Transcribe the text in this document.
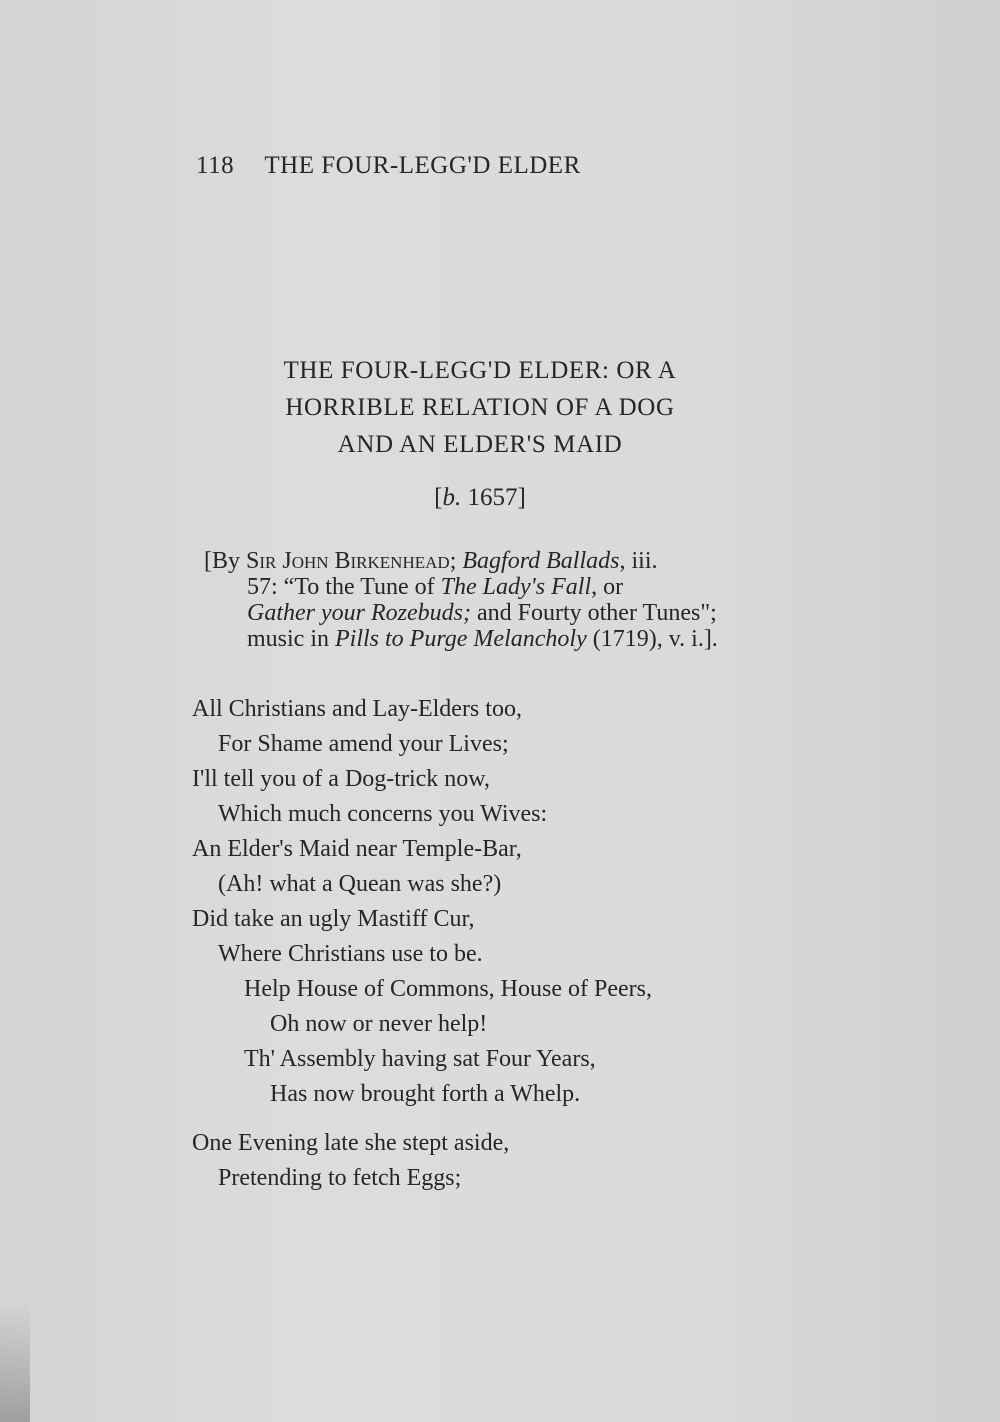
118 THE FOUR-LEGG'D ELDER
THE FOUR-LEGG'D ELDER: OR A
HORRIBLE RELATION OF A DOG
AND AN ELDER'S MAID
[b. 1657]
[By Sir John Birkenhead; Bagford Ballads, iii.
57: “To the Tune of The Lady's Fall, or
Gather your Rozebuds; and Fourty other Tunes";
music in Pills to Purge Melancholy (1719), v. i.].
All Christians and Lay-Elders too,
For Shame amend your Lives;
I'll tell you of a Dog-trick now,
Which much concerns you Wives:
An Elder's Maid near Temple-Bar,
(Ah! what a Quean was she?)
Did take an ugly Mastiff Cur,
Where Christians use to be.
Help House of Commons, House of Peers,
Oh now or never help!
Th' Assembly having sat Four Years,
Has now brought forth a Whelp.
One Evening late she stept aside,
Pretending to fetch Eggs;
